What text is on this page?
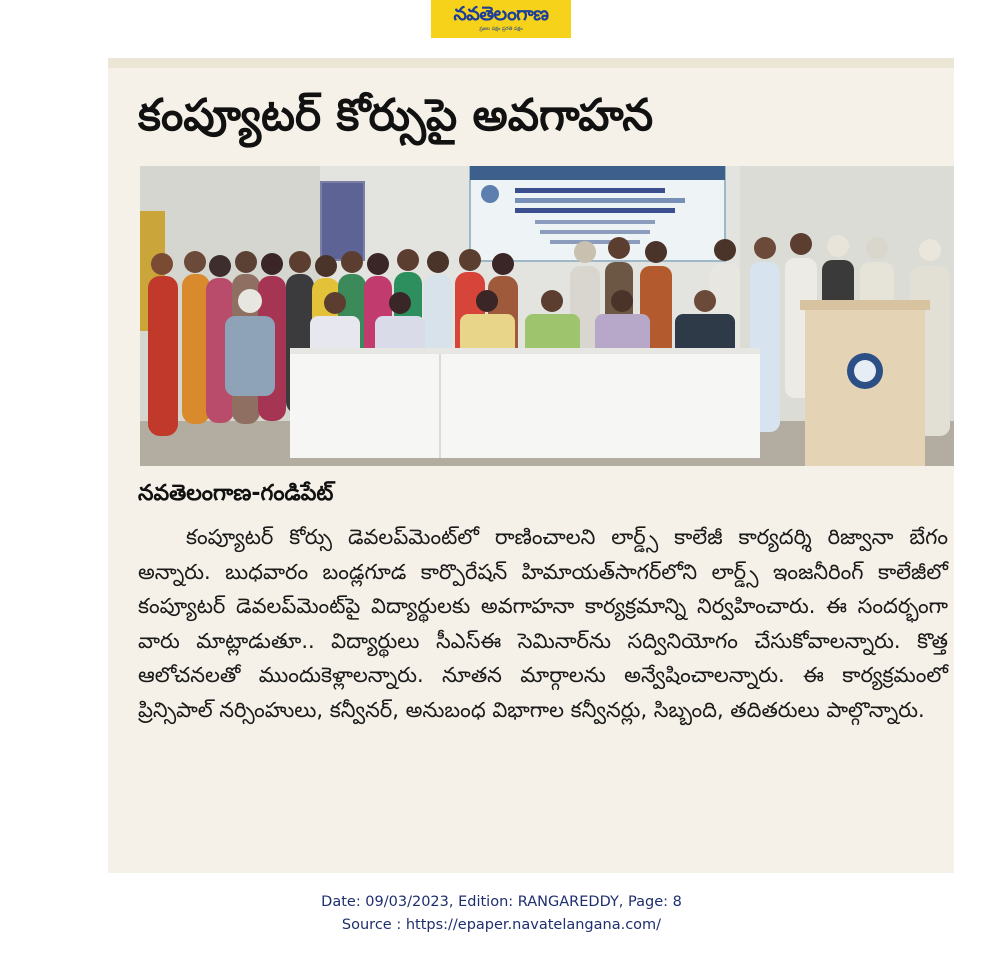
నవతెలంగాణ
ప్రజల పక్షం ప్రగతి పక్షం
కంప్యూటర్ కోర్సుపై అవగాహన

నవతెలంగాణ-గండిపేట్

కంప్యూటర్ కోర్సు డెవలప్‌మెంట్‌లో రాణించాలని లార్డ్స్ కాలేజీ కార్యదర్శి రిజ్వానా బేగం అన్నారు. బుధవారం బండ్లగూడ కార్పొరేషన్ హిమాయత్‌సాగర్‌లోని లార్డ్స్ ఇంజనీరింగ్ కాలేజీలో కంప్యూటర్ డెవలప్‌మెంట్‌పై విద్యార్థులకు అవగాహనా కార్యక్రమాన్ని నిర్వహించారు. ఈ సందర్భంగా వారు మాట్లాడుతూ.. విద్యార్థులు సీఎస్ఈ సెమినార్‌ను సద్వినియోగం చేసుకోవాలన్నారు. కొత్త ఆలోచనలతో ముందుకెళ్లాలన్నారు. నూతన మార్గాలను అన్వేషించాలన్నారు. ఈ కార్యక్రమంలో ప్రిన్సిపాల్ నర్సింహులు, కన్వీనర్, అనుబంధ విభాగాల కన్వీనర్లు, సిబ్బంది, తదితరులు పాల్గొన్నారు.

Date: 09/03/2023, Edition: RANGAREDDY, Page: 8
Source : https://epaper.navatelangana.com/
